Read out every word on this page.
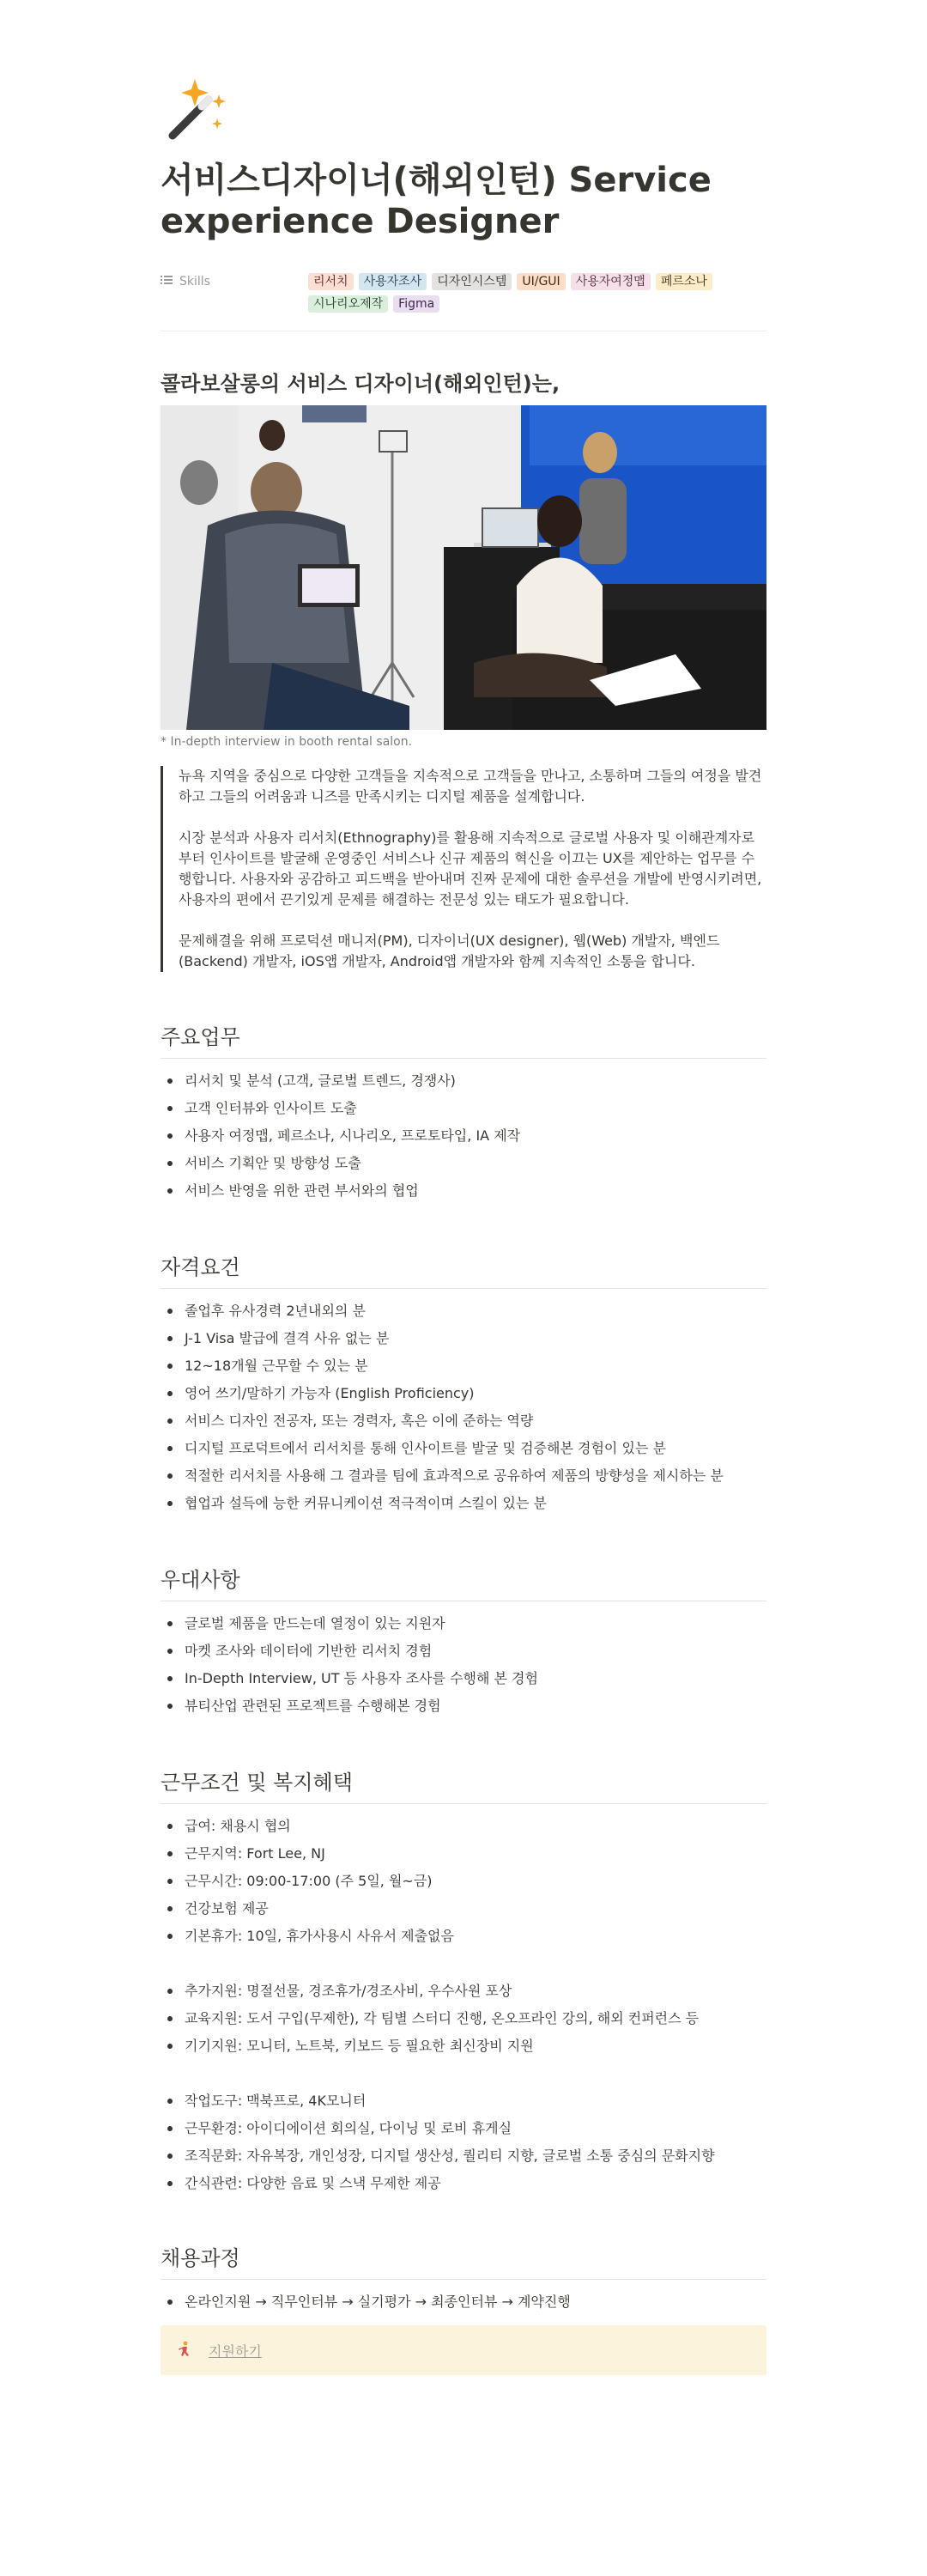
서비스디자이너(해외인턴) Service experience Designer
Skills	리서치	사용자조사	디자인시스템	UI/GUI	사용자여정맵	페르소나
시나리오제작	Figma
콜라보살롱의 서비스 디자이너(해외인턴)는,
* In-depth interview in booth rental salon.

뉴욕 지역을 중심으로 다양한 고객들을 지속적으로 고객들을 만나고, 소통하며 그들의 여정을 발견하고 그들의 어려움과 니즈를 만족시키는 디지털 제품을 설계합니다.

시장 분석과 사용자 리서치(Ethnography)를 활용해 지속적으로 글로벌 사용자 및 이해관계자로부터 인사이트를 발굴해 운영중인 서비스나 신규 제품의 혁신을 이끄는 UX를 제안하는 업무를 수행합니다. 사용자와 공감하고 피드백을 받아내며 진짜 문제에 대한 솔루션을 개발에 반영시키려면, 사용자의 편에서 끈기있게 문제를 해결하는 전문성 있는 태도가 필요합니다.

문제해결을 위해 프로덕션 매니저(PM), 디자이너(UX designer), 웹(Web) 개발자, 백엔드(Backend) 개발자, iOS앱 개발자, Android앱 개발자와 함께 지속적인 소통을 합니다.

주요업무
리서치 및 분석 (고객, 글로벌 트렌드, 경쟁사)
고객 인터뷰와 인사이트 도출
사용자 여정맵, 페르소나, 시나리오, 프로토타입, IA 제작
서비스 기획안 및 방향성 도출
서비스 반영을 위한 관련 부서와의 협업
자격요건
졸업후 유사경력 2년내외의 분
J-1 Visa 발급에 결격 사유 없는 분
12~18개월 근무할 수 있는 분
영어 쓰기/말하기 가능자 (English Proficiency)
서비스 디자인 전공자, 또는 경력자, 혹은 이에 준하는 역량
디지털 프로덕트에서 리서치를 통해 인사이트를 발굴 및 검증해본 경험이 있는 분
적절한 리서치를 사용해 그 결과를 팀에 효과적으로 공유하여 제품의 방향성을 제시하는 분
협업과 설득에 능한 커뮤니케이션 적극적이며 스킬이 있는 분
우대사항
글로벌 제품을 만드는데 열정이 있는 지원자
마켓 조사와 데이터에 기반한 리서치 경험
In-Depth Interview, UT 등 사용자 조사를 수행해 본 경험
뷰티산업 관련된 프로젝트를 수행해본 경험
근무조건 및 복지혜택
급여: 채용시 협의
근무지역: Fort Lee, NJ
근무시간: 09:00-17:00 (주 5일, 월~금)
건강보험 제공
기본휴가: 10일, 휴가사용시 사유서 제출없음
추가지원: 명절선물, 경조휴가/경조사비, 우수사원 포상
교육지원: 도서 구입(무제한), 각 팀별 스터디 진행, 온오프라인 강의, 해외 컨퍼런스 등
기기지원: 모니터, 노트북, 키보드 등 필요한 최신장비 지원
작업도구: 맥북프로, 4K모니터
근무환경: 아이디에이션 회의실, 다이닝 및 로비 휴게실
조직문화: 자유복장, 개인성장, 디지털 생산성, 퀄리티 지향, 글로벌 소통 중심의 문화지향
간식관련: 다양한 음료 및 스낵 무제한 제공
채용과정
온라인지원 → 직무인터뷰 → 실기평가 → 최종인터뷰 → 계약진행
지원하기
